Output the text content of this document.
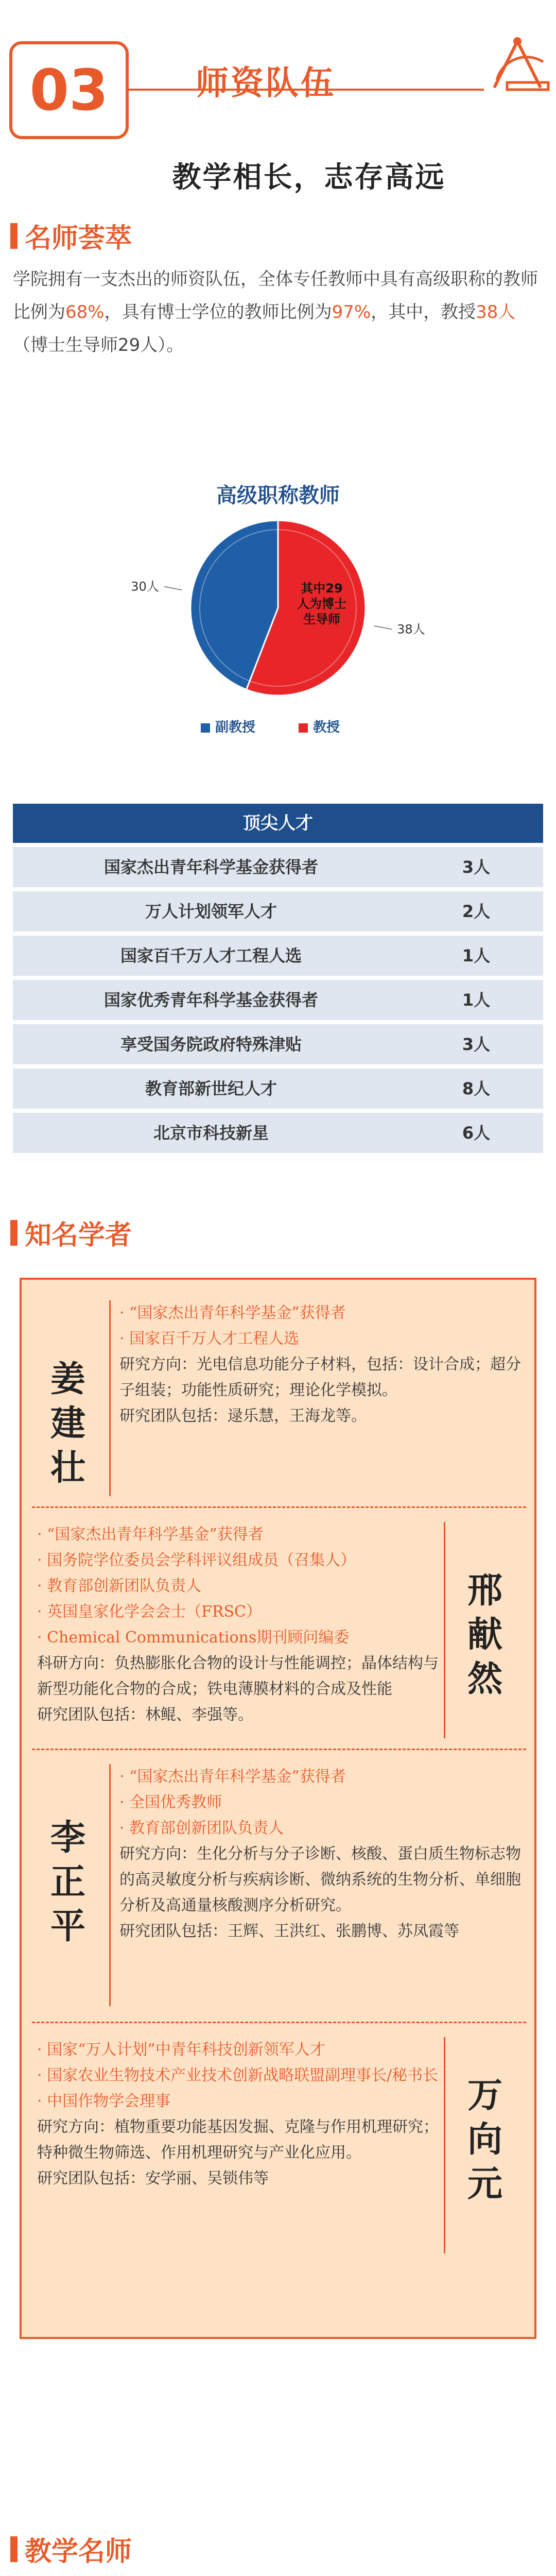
03	师资队伍
教学相长，志存高远
名师荟萃
学院拥有一支杰出的师资队伍，全体专任教师中具有高级职称的教师比例为68%，具有博士学位的教师比例为97%，其中，教授38人（博士生导师29人）。
高级职称教师
30人
38人
其中29
人为博士
生导师
副教授	教授
顶尖人才
国家杰出青年科学基金获得者	3人
万人计划领军人才	2人
国家百千万人才工程人选	1人
国家优秀青年科学基金获得者	1人
享受国务院政府特殊津贴	3人
教育部新世纪人才	8人
北京市科技新星	6人
知名学者
姜
建
壮
· “国家杰出青年科学基金”获得者
· 国家百千万人才工程人选
研究方向：光电信息功能分子材料，包括：设计合成；超分子组装；功能性质研究；理论化学模拟。
研究团队包括：逯乐慧，王海龙等。
· “国家杰出青年科学基金”获得者
· 国务院学位委员会学科评议组成员（召集人）
· 教育部创新团队负责人
· 英国皇家化学会会士（FRSC）
· Chemical Communications期刊顾问编委
科研方向：负热膨胀化合物的设计与性能调控；晶体结构与新型功能化合物的合成；铁电薄膜材料的合成及性能
研究团队包括：林鲲、李强等。
邢
献
然
李
正
平
· “国家杰出青年科学基金”获得者
· 全国优秀教师
· 教育部创新团队负责人
研究方向：生化分析与分子诊断、核酸、蛋白质生物标志物的高灵敏度分析与疾病诊断、微纳系统的生物分析、单细胞分析及高通量核酸测序分析研究。
研究团队包括：王辉、王洪红、张鹏博、苏凤霞等
· 国家“万人计划”中青年科技创新领军人才
· 国家农业生物技术产业技术创新战略联盟副理事长/秘书长
· 中国作物学会理事
研究方向：植物重要功能基因发掘、克隆与作用机理研究；特种微生物筛选、作用机理研究与产业化应用。
研究团队包括：安学丽、吴锁伟等
万
向
元
教学名师
